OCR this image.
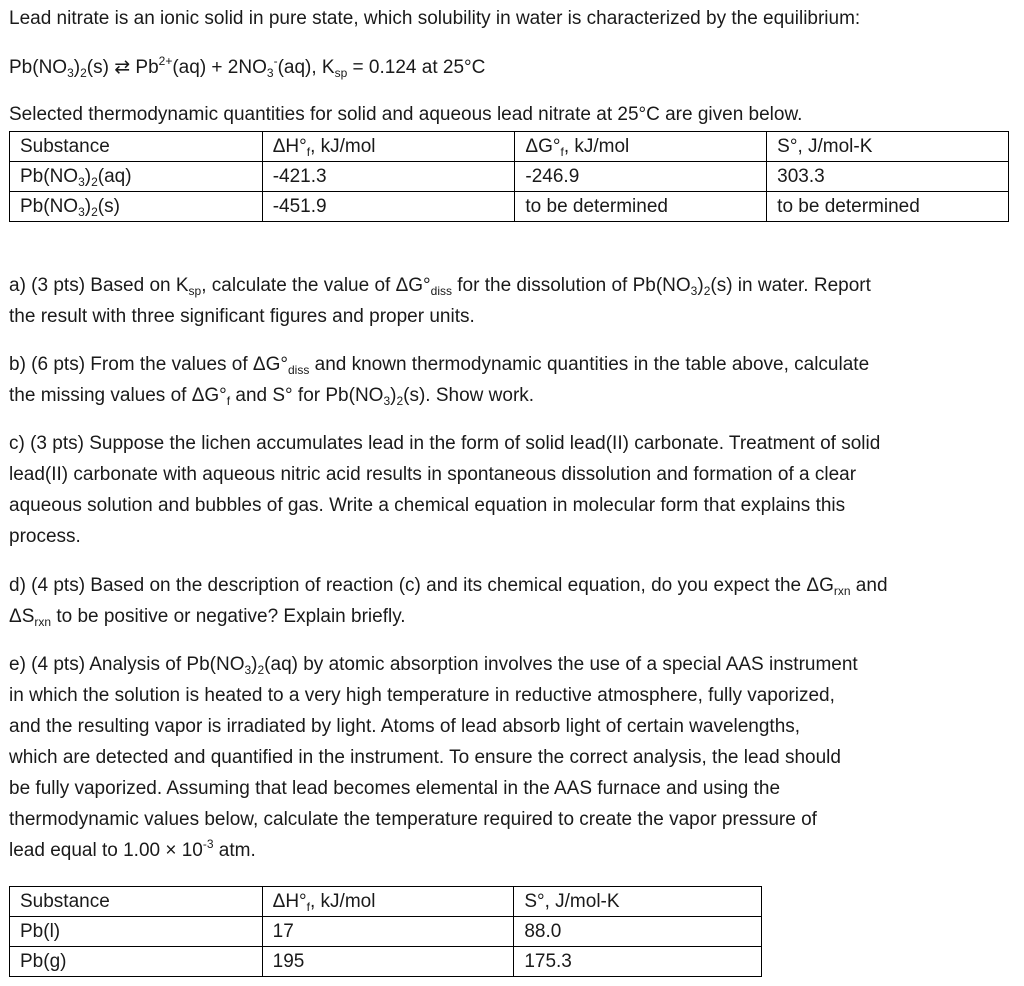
Lead nitrate is an ionic solid in pure state, which solubility in water is characterized by the equilibrium:
$Pb(NO_3)_2(s)$ ⇄ $Pb^{2+}(aq) + 2NO_3^-(aq)$, $K_{sp} = 0.124$ at 25°C
Selected thermodynamic quantities for solid and aqueous lead nitrate at 25°C are given below.
Substance	$\Delta H^\circ_f$, kJ/mol	$\Delta G^\circ_f$, kJ/mol	S°, J/mol-K
$Pb(NO_3)_2(aq)$	-421.3	-246.9	303.3
$Pb(NO_3)_2(s)$	-451.9	to be determined	to be determined

a) (3 pts) Based on $K_{sp}$, calculate the value of $\Delta G^\circ_{diss}$ for the dissolution of $Pb(NO_3)_2(s)$ in water. Report

the result with three significant figures and proper units.

b) (6 pts) From the values of $\Delta G^\circ_{diss}$ and known thermodynamic quantities in the table above, calculate

the missing values of $\Delta G^\circ_f$ and S° for $Pb(NO_3)_2(s)$. Show work.

c) (3 pts) Suppose the lichen accumulates lead in the form of solid lead(II) carbonate. Treatment of solid

lead(II) carbonate with aqueous nitric acid results in spontaneous dissolution and formation of a clear

aqueous solution and bubbles of gas. Write a chemical equation in molecular form that explains this

process.

d) (4 pts) Based on the description of reaction (c) and its chemical equation, do you expect the $\Delta G_{rxn}$ and

$\Delta S_{rxn}$ to be positive or negative? Explain briefly.

e) (4 pts) Analysis of $Pb(NO_3)_2(aq)$ by atomic absorption involves the use of a special AAS instrument

in which the solution is heated to a very high temperature in reductive atmosphere, fully vaporized,

and the resulting vapor is irradiated by light. Atoms of lead absorb light of certain wavelengths,

which are detected and quantified in the instrument. To ensure the correct analysis, the lead should

be fully vaporized. Assuming that lead becomes elemental in the AAS furnace and using the

thermodynamic values below, calculate the temperature required to create the vapor pressure of

lead equal to $1.00 \times 10^{-3}$ atm.

Substance	$\Delta H^\circ_f$, kJ/mol	S°, J/mol-K
Pb(l)	17	88.0
Pb(g)	195	175.3
